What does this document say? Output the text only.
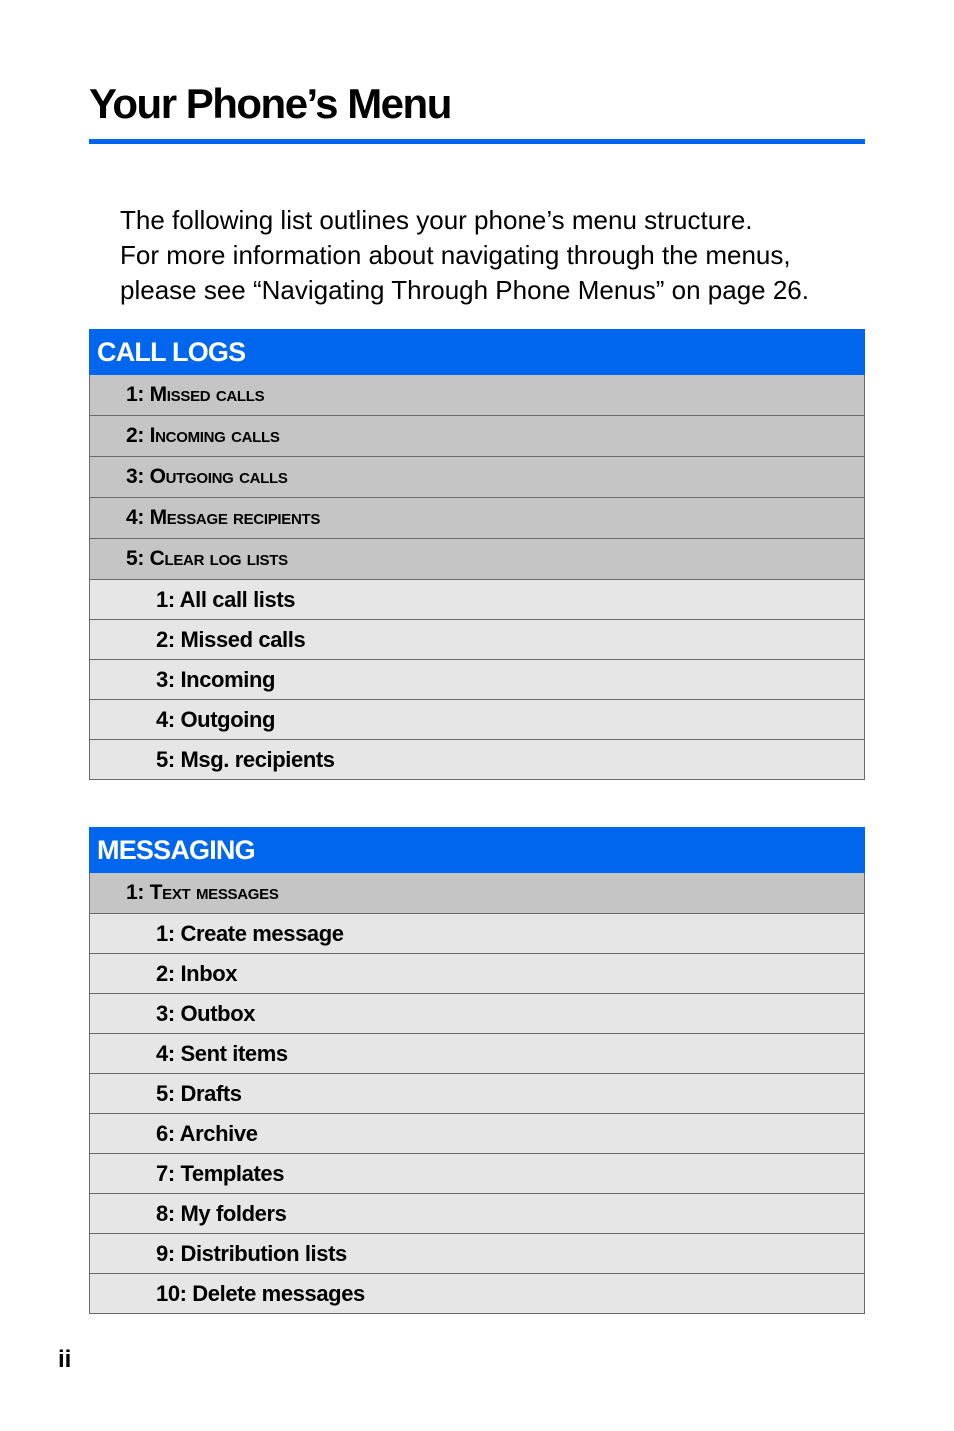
Your Phone’s Menu

The following list outlines your phone’s menu structure.
For more information about navigating through the menus,
please see “Navigating Through Phone Menus” on page 26.

CALL LOGS
1: Missed calls
2: Incoming calls
3: Outgoing calls
4: Message recipients
5: Clear log lists
1: All call lists
2: Missed calls
3: Incoming
4: Outgoing
5: Msg. recipients
MESSAGING
1: Text messages
1: Create message
2: Inbox
3: Outbox
4: Sent items
5: Drafts
6: Archive
7: Templates
8: My folders
9: Distribution lists
10: Delete messages
ii
